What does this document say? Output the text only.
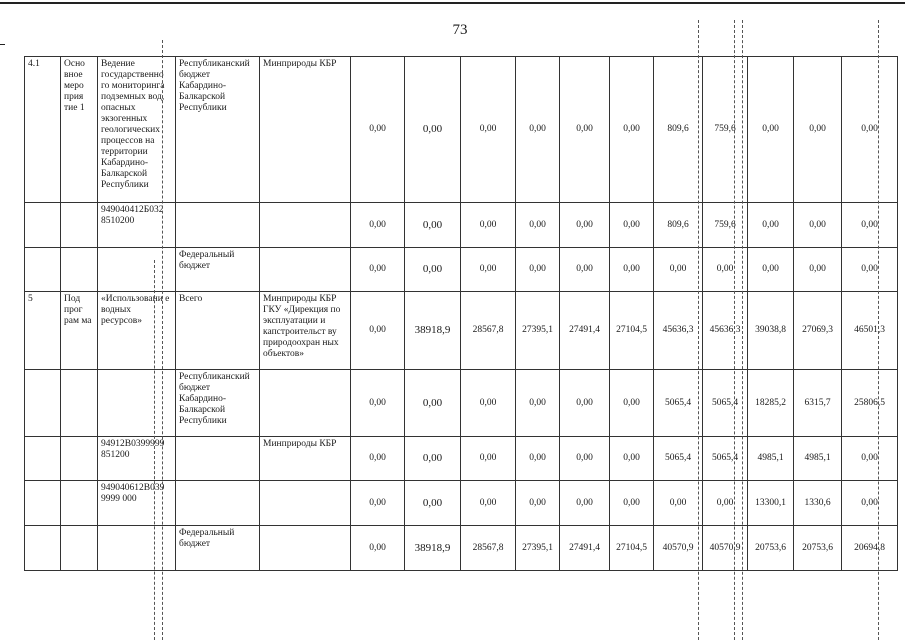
73
4.1	Осно вное меро прия тие 1	Ведение государственно го мониторинга подземных вод, опасных экзогенных геологических процессов на территории Кабардино-Балкарской Республики	Республиканский бюджет Кабардино-Балкарской Республики	Минприроды КБР	0,00	0,00	0,00	0,00	0,00	0,00	809,6	759,6	0,00	0,00	0,00
		949040412Б032 8510200			0,00	0,00	0,00	0,00	0,00	0,00	809,6	759,6	0,00	0,00	0,00
			Федеральный бюджет		0,00	0,00	0,00	0,00	0,00	0,00	0,00	0,00	0,00	0,00	0,00
5	Под прог рам ма	«Использовани е водных ресурсов»	Всего	Минприроды КБР ГКУ «Дирекция по эксплуатации и капстроительст ву природоохран ных объектов»	0,00	38918,9	28567,8	27395,1	27491,4	27104,5	45636,3	45636,3	39038,8	27069,3	46501,3
			Республиканский бюджет Кабардино-Балкарской Республики		0,00	0,00	0,00	0,00	0,00	0,00	5065,4	5065,4	18285,2	6315,7	25806,5
		94912В0399999 851200		Минприроды КБР	0,00	0,00	0,00	0,00	0,00	0,00	5065,4	5065,4	4985,1	4985,1	0,00
		949040612В039 9999 000			0,00	0,00	0,00	0,00	0,00	0,00	0,00	0,00	13300,1	1330,6	0,00
			Федеральный бюджет		0,00	38918,9	28567,8	27395,1	27491,4	27104,5	40570,9	40570,9	20753,6	20753,6	20694,8
